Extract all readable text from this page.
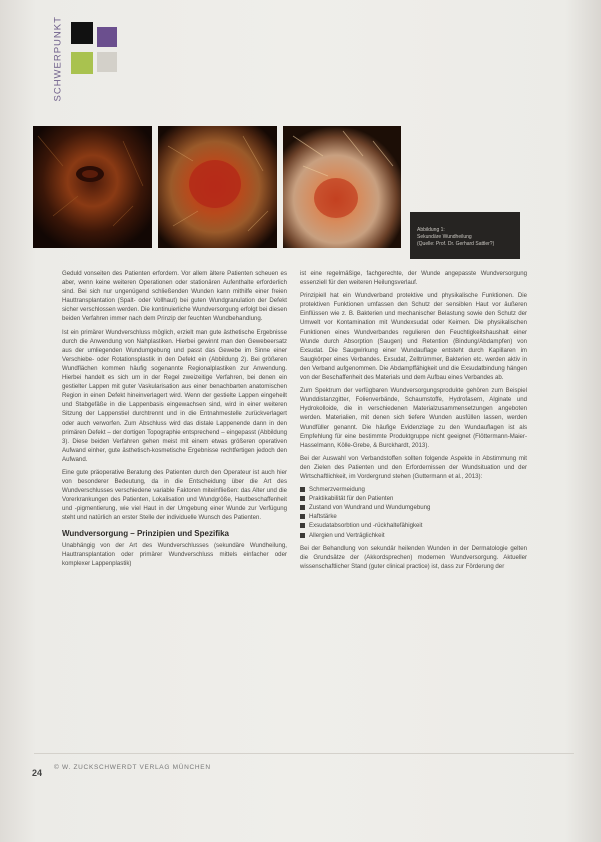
SCHWERPUNKT
Abbildung 1:
Sekundäre Wundheilung
(Quelle: Prof. Dr. Gerhard Sattler?)

Geduld vonseiten des Patienten erfordern. Vor allem ältere Patienten scheuen es aber, wenn keine weiteren Operationen oder stationären Aufenthalte erforderlich sind. Bei sich nur ungenügend schließenden Wunden kann mithilfe einer freien Hauttransplantation (Spalt- oder Vollhaut) bei guten Wundgranulation der Defekt sicher verschlossen werden. Die kontinuierliche Wundversorgung erfolgt bei diesen beiden Verfahren immer nach dem Prinzip der feuchten Wundbehandlung.

Ist ein primärer Wundverschluss möglich, erzielt man gute ästhetische Ergebnisse durch die Anwendung von Nahplastiken. Hierbei gewinnt man den Gewebeersatz aus der umliegenden Wundumgebung und passt das Gewebe im Sinne einer Verschiebe- oder Rotationsplastik in den Defekt ein (Abbildung 2). Bei größeren Wundflächen kommen häufig sogenannte Regionalplastiken zur Anwendung. Hierbei handelt es sich um in der Regel zweizeitige Verfahren, bei denen ein gestielter Lappen mit guter Vaskularisation aus einer benachbarten anatomischen Region in einen Defekt hineinverlagert wird. Wenn der gestielte Lappen eingeheilt und Stabgefäße in die Lappenbasis eingewachsen sind, wird in einer weiteren Sitzung der Lappenstiel durchtrennt und in die Entnahmestelle zurückverlagert oder auch verworfen. Zum Abschluss wird das distale Lappenende dann in den primären Defekt – der dortigen Topographie entsprechend – eingepasst (Abbildung 3). Diese beiden Verfahren gehen meist mit einem etwas größeren operativen Aufwand einher, gute ästhetisch-kosmetische Ergebnisse rechtfertigen jedoch den Aufwand.

Eine gute präoperative Beratung des Patienten durch den Operateur ist auch hier von besonderer Bedeutung, da in die Entscheidung über die Art des Wundverschlusses verschiedene variable Faktoren miteinfließen: das Alter und die Vorerkrankungen des Patienten, Lokalisation und Wundgröße, Hautbeschaffenheit und -pigmentierung, wie viel Haut in der Umgebung einer Wunde zur Verfügung steht und natürlich an erster Stelle der individuelle Wunsch des Patienten.

Wundversorgung – Prinzipien und Spezifika

Unabhängig von der Art des Wundverschlusses (sekundäre Wundheilung, Hauttransplantation oder primärer Wundverschluss mittels einfacher oder komplexer Lappenplastik)

ist eine regelmäßige, fachgerechte, der Wunde angepasste Wundversorgung essenziell für den weiteren Heilungsverlauf.

Prinzipiell hat ein Wundverband protektive und physikalische Funktionen. Die protektiven Funktionen umfassen den Schutz der sensiblen Haut vor äußeren Einflüssen wie z. B. Bakterien und mechanischer Belastung sowie den Schutz der Umwelt vor Kontamination mit Wundexsudat oder Keimen. Die physikalischen Funktionen eines Wundverbandes regulieren den Feuchtigkeitshaushalt einer Wunde durch Absorption (Saugen) und Retention (Bindung/Abdampfen) von Exsudat. Die Saugwirkung einer Wundauflage entsteht durch Kapillaren im Saugkörper eines Verbandes. Exsudat, Zelltrümmer, Bakterien etc. werden aktiv in den Verband aufgenommen. Die Abdampffähigkeit und die Exsudatbindung hängen von der Beschaffenheit des Materials und dem Aufbau eines Verbandes ab.

Zum Spektrum der verfügbaren Wundversorgungsprodukte gehören zum Beispiel Wunddistanzgitter, Folienverbände, Schaumstoffe, Hydrofasern, Alginate und Hydrokolloide, die in verschiedenen Materialzusammensetzungen angeboten werden. Materialien, mit denen sich tiefere Wunden ausfüllen lassen, werden Wundfüller genannt. Die häufige Evidenzlage zu den Wundauflagen ist als Empfehlung für eine bestimmte Produktgruppe nicht geeignet (Flöttermann-Maier-Hasselmann, Kölle-Grebe, & Burckhardt, 2013).

Bei der Auswahl von Verbandstoffen sollten folgende Aspekte in Abstimmung mit den Zielen des Patienten und den Erfordernissen der Wundsituation und der Wirtschaftlichkeit, im Vordergrund stehen (Guttermann et al., 2013):

Schmerzvermeidung
Praktikabilität für den Patienten
Zustand von Wundrand und Wundumgebung
Haftstärke
Exsudatabsorbtion und -rückhaltefähigkeit
Allergien und Verträglichkeit

Bei der Behandlung von sekundär heilenden Wunden in der Dermatologie gelten die Grundsätze der (Akkordsprechen) modernen Wundversorgung. Aktueller wissenschaftlicher Stand (guter clinical practice) ist, dass zur Förderung der

24
© W. ZUCKSCHWERDT VERLAG MÜNCHEN
